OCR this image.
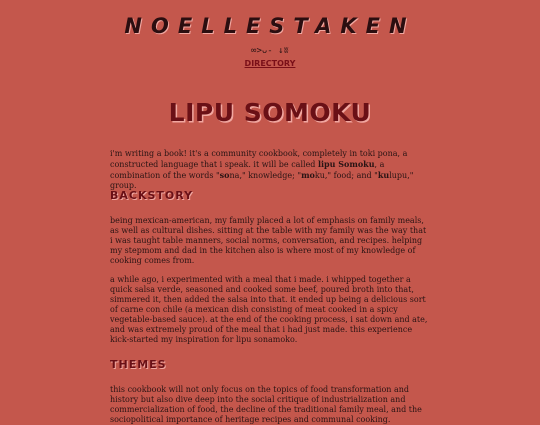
NOELLESTAKEN
∞>ᴗ- ↓ʬ
DIRECTORY
LIPU SOMOKU

i'm writing a book! it's a community cookbook, completely in toki pona, a constructed language that i speak. it will be called lipu Somoku, a combination of the words "sona," knowledge; "moku," food; and "kulupu," group.

BACKSTORY

being mexican-american, my family placed a lot of emphasis on family meals, as well as cultural dishes. sitting at the table with my family was the way that i was taught table manners, social norms, conversation, and recipes. helping my stepmom and dad in the kitchen also is where most of my knowledge of cooking comes from.

a while ago, i experimented with a meal that i made. i whipped together a quick salsa verde, seasoned and cooked some beef, poured broth into that, simmered it, then added the salsa into that. it ended up being a delicious sort of carne con chile (a mexican dish consisting of meat cooked in a spicy vegetable-based sauce). at the end of the cooking process, i sat down and ate, and was extremely proud of the meal that i had just made. this experience kick-started my inspiration for lipu sonamoko.

THEMES

this cookbook will not only focus on the topics of food transformation and history but also dive deep into the social critique of industrialization and commercialization of food, the decline of the traditional family meal, and the sociopolitical importance of heritage recipes and communal cooking.
